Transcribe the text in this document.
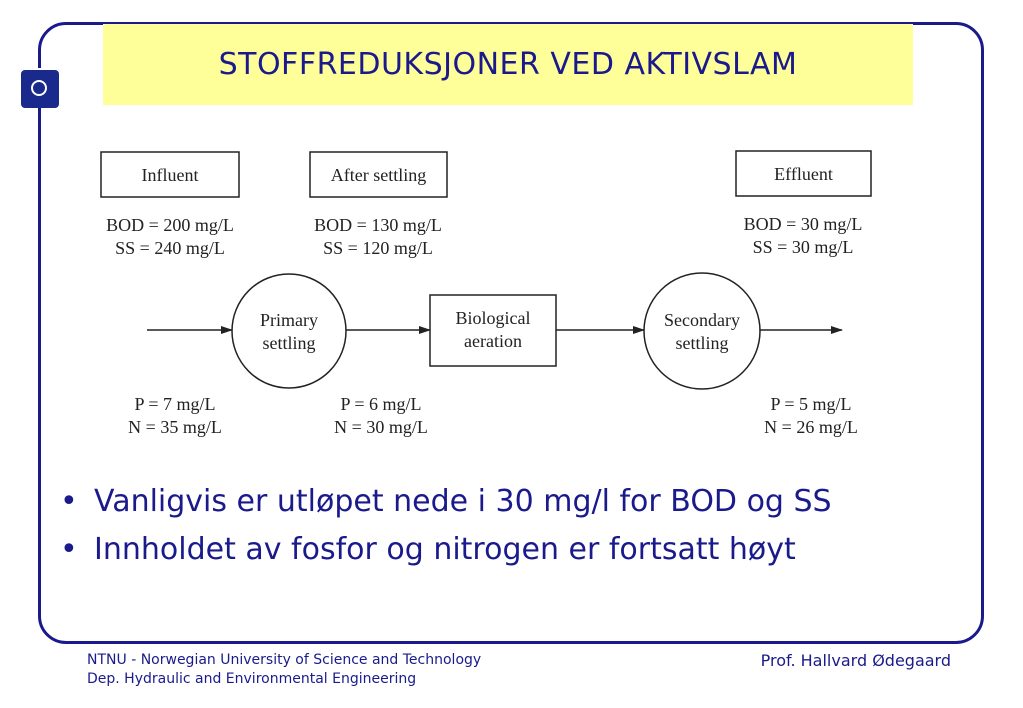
STOFFREDUKSJONER VED AKTIVSLAM
Influent	After settling	Effluent
BOD = 200 mg/L
SS = 240 mg/L
BOD = 130 mg/L
SS = 120 mg/L
BOD = 30 mg/L
SS = 30 mg/L
Primary
settling
Biological
aeration
Secondary
settling
P = 7 mg/L
N = 35 mg/L
P = 6 mg/L
N = 30 mg/L
P = 5 mg/L
N = 26 mg/L
• Vanligvis er utløpet nede i 30 mg/l for BOD og SS
• Innholdet av fosfor og nitrogen er fortsatt høyt
NTNU - Norwegian University of Science and Technology
Dep. Hydraulic and Environmental Engineering
Prof. Hallvard Ødegaard
